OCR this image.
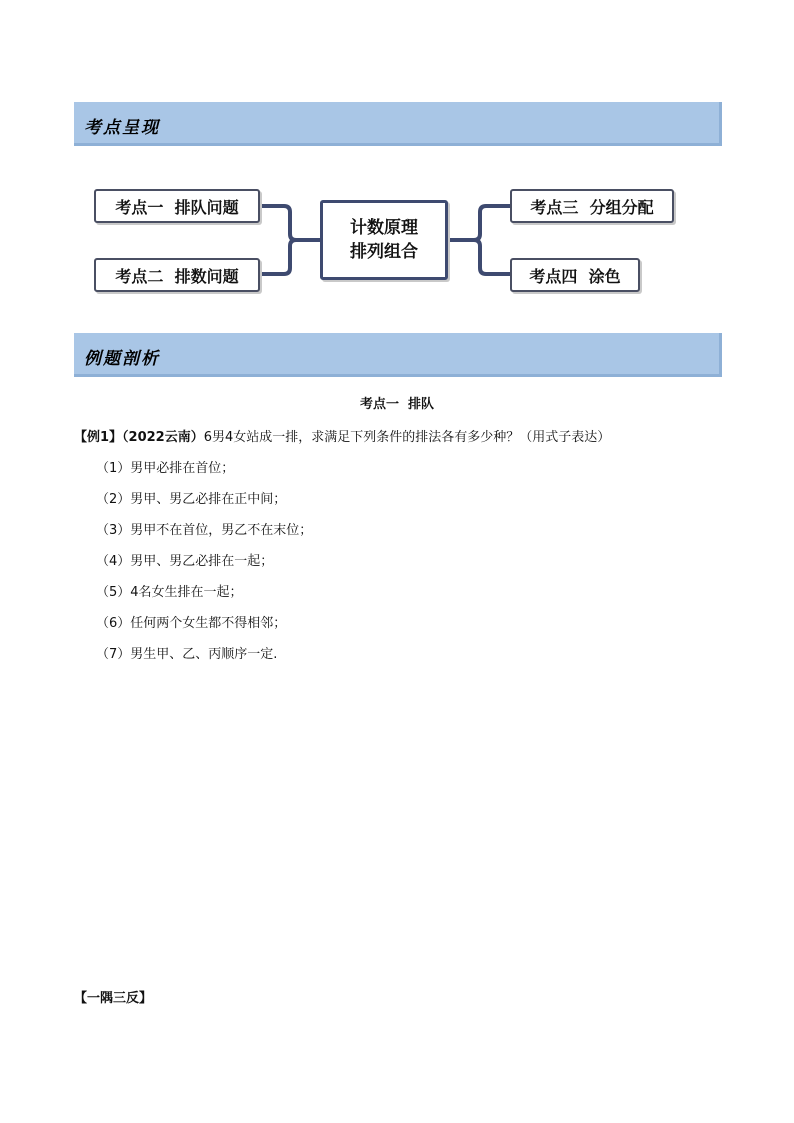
考点呈现
考点一  排队问题
考点二  排数问题
考点三  分组分配
考点四  涂色
计数原理
排列组合
例题剖析
考点一  排队
【例1】（2022云南）6男4女站成一排，求满足下列条件的排法各有多少种？（用式子表达）
（1）男甲必排在首位；
（2）男甲、男乙必排在正中间；
（3）男甲不在首位，男乙不在末位；
（4）男甲、男乙必排在一起；
（5）4名女生排在一起；
（6）任何两个女生都不得相邻；
（7）男生甲、乙、丙顺序一定.
【一隅三反】
